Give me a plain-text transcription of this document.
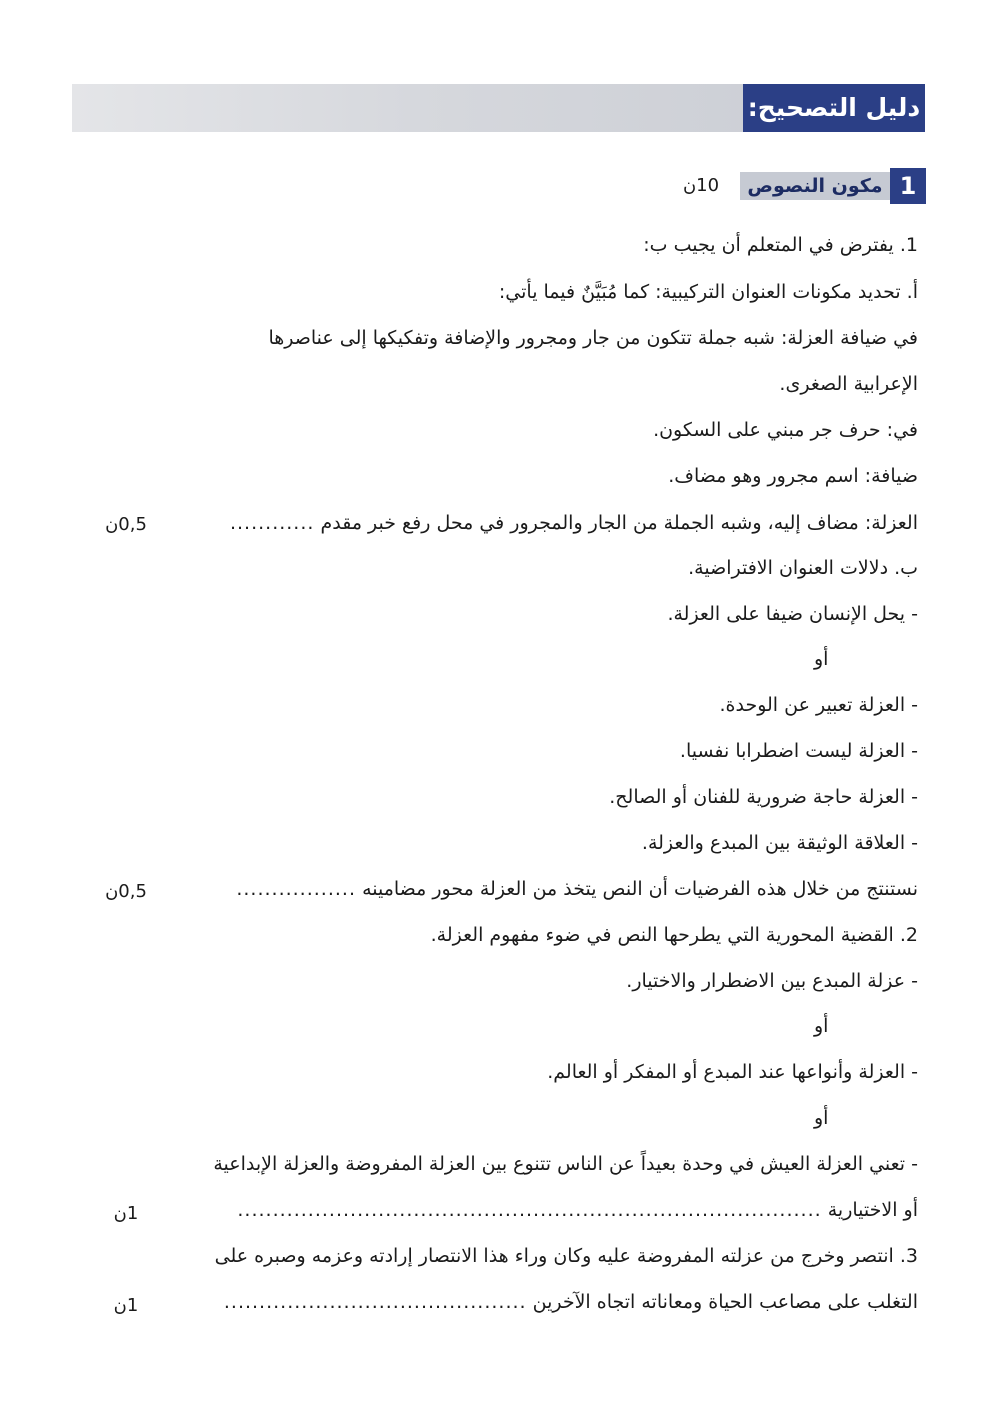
دليل التصحيح:
10ن	مكون النصوص 1
1. يفترض في المتعلم أن يجيب ب:
أ. تحديد مكونات العنوان التركيبية: كما مُبَيَّنٌ فيما يأتي:
في ضيافة العزلة: شبه جملة تتكون من جار ومجرور والإضافة وتفكيكها إلى عناصرها
الإعرابية الصغرى.
في: حرف جر مبني على السكون.
ضيافة: اسم مجرور وهو مضاف.
العزلة: مضاف إليه، وشبه الجملة من الجار والمجرور في محل رفع خبر مقدم ............
0,5ن
ب. دلالات العنوان الافتراضية.
- يحل الإنسان ضيفا على العزلة.
أو
- العزلة تعبير عن الوحدة.
- العزلة ليست اضطرابا نفسيا.
- العزلة حاجة ضرورية للفنان أو الصالح.
- العلاقة الوثيقة بين المبدع والعزلة.
نستنتج من خلال هذه الفرضيات أن النص يتخذ من العزلة محور مضامينه .................
0,5ن
2. القضية المحورية التي يطرحها النص في ضوء مفهوم العزلة.
- عزلة المبدع بين الاضطرار والاختيار.
أو
- العزلة وأنواعها عند المبدع أو المفكر أو العالم.
أو
- تعني العزلة العيش في وحدة بعيداً عن الناس تتنوع بين العزلة المفروضة والعزلة الإبداعية
أو الاختيارية ...................................................................................
1ن
3. انتصر وخرج من عزلته المفروضة عليه وكان وراء هذا الانتصار إرادته وعزمه وصبره على
التغلب على مصاعب الحياة ومعاناته اتجاه الآخرين ...........................................
1ن
